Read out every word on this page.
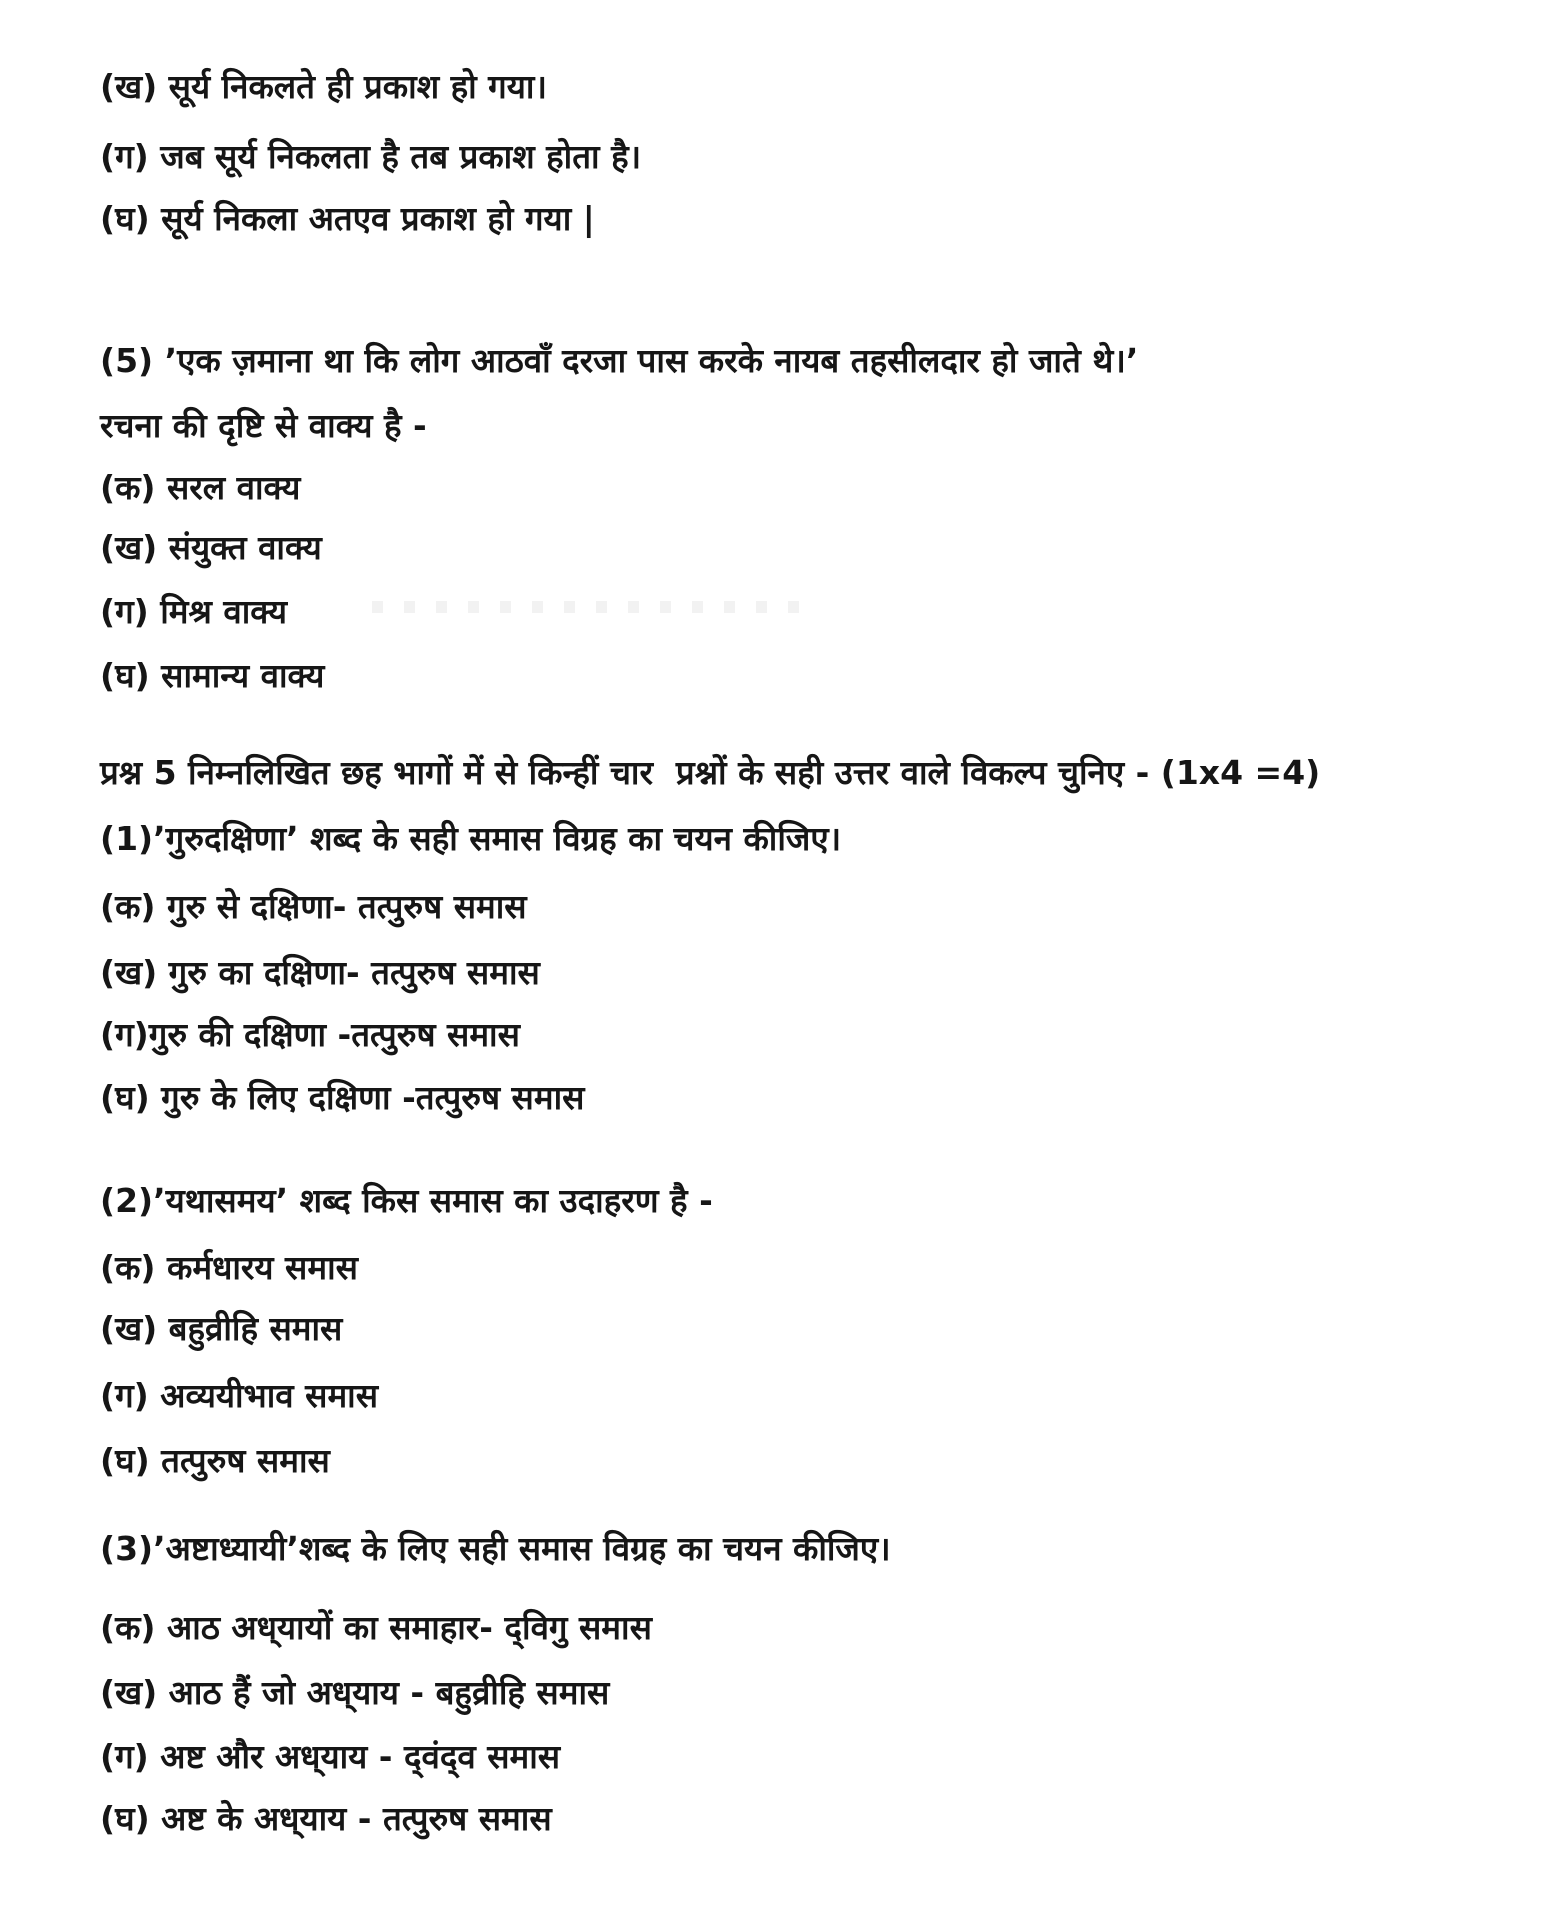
(ख) सूर्य निकलते ही प्रकाश हो गया।
(ग) जब सूर्य निकलता है तब प्रकाश होता है।
(घ) सूर्य निकला अतएव प्रकाश हो गया |
(5) ’एक ज़माना था कि लोग आठवाँ दरजा पास करके नायब तहसीलदार हो जाते थे।’
रचना की दृष्टि से वाक्य है -
(क) सरल वाक्य
(ख) संयुक्त वाक्य
(ग) मिश्र वाक्य
(घ) सामान्य वाक्य
प्रश्न 5 निम्नलिखित छह भागों में से किन्हीं चार  प्रश्नों के सही उत्तर वाले विकल्प चुनिए - (1x4 =4)
(1)’गुरुदक्षिणा’ शब्द के सही समास विग्रह का चयन कीजिए।
(क) गुरु से दक्षिणा- तत्पुरुष समास
(ख) गुरु का दक्षिणा- तत्पुरुष समास
(ग)गुरु की दक्षिणा -तत्पुरुष समास
(घ) गुरु के लिए दक्षिणा -तत्पुरुष समास
(2)’यथासमय’ शब्द किस समास का उदाहरण है -
(क) कर्मधारय समास
(ख) बहुव्रीहि समास
(ग) अव्ययीभाव समास
(घ) तत्पुरुष समास
(3)’अष्टाध्यायी’शब्द के लिए सही समास विग्रह का चयन कीजिए।
(क) आठ अध्‌यायों का समाहार- द्‌विगु समास
(ख) आठ हैं जो अध्‌याय - बहुव्रीहि समास
(ग) अष्ट और अध्‌याय - द्‌वंद्‌व समास
(घ) अष्ट के अध्‌याय - तत्पुरुष समास
